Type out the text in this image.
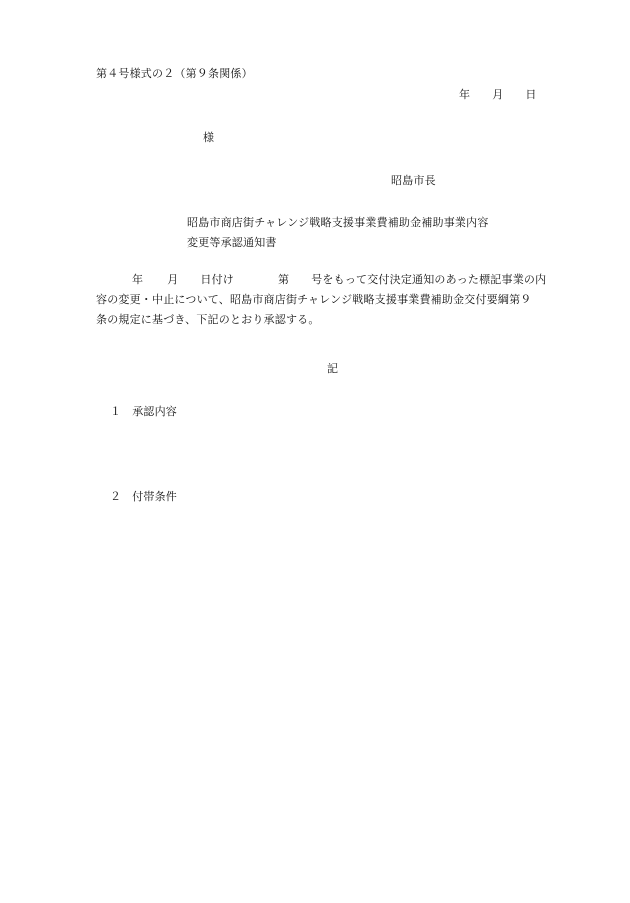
第４号様式の２（第９条関係）
年 月 日
様
昭島市長
昭島市商店街チャレンジ戦略支援事業費補助金補助事業内容
変更等承認通知書
年 月 日付け	第 号をもって交付決定通知のあった標記事業の内
容の変更・中止について、昭島市商店街チャレンジ戦略支援事業費補助金交付要綱第９
条の規定に基づき、下記のとおり承認する。
記
１ 承認内容
２ 付帯条件
